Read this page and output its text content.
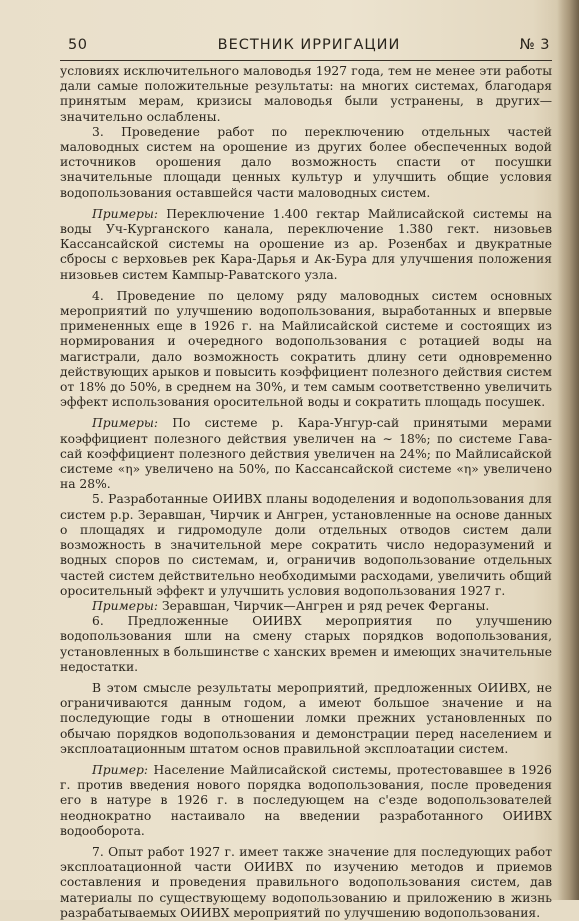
50	ВЕСТНИК ИРРИГАЦИИ	№ 3

условиях исключительного маловодья 1927 года, тем не менее эти работы дали самые положительные результаты: на многих системах, благодаря принятым мерам, кризисы маловодья были устранены, в других—значительно ослаблены.

3. Проведение работ по переключению отдельных частей маловодных систем на орошение из других более обеспеченных водой источников орошения дало возможность спасти от посушки значительные площади ценных культур и улучшить общие условия водопользования оставшейся части маловодных систем.

Примеры: Переключение 1.400 гектар Майлисайской системы на воды Уч-Курганского канала, переключение 1.380 гект. низовьев Кассансайской системы на орошение из ар. Розенбах и двукратные сбросы с верховьев рек Кара-Дарья и Ак-Бура для улучшения положения низовьев систем Кампыр-Раватского узла.

4. Проведение по целому ряду маловодных систем основных мероприятий по улучшению водопользования, выработанных и впервые примененных еще в 1926 г. на Майлисайской системе и состоящих из нормирования и очередного водопользования с ротацией воды на магистрали, дало возможность сократить длину сети одновременно действующих арыков и повысить коэффициент полезного действия систем от 18% до 50%, в среднем на 30%, и тем самым соответственно увеличить эффект использования оросительной воды и сократить площадь посушек.

Примеры: По системе р. Кара-Унгур-сай принятыми мерами коэффициент полезного действия увеличен на ∼ 18%; по системе Гава-сай коэффициент полезного действия увеличен на 24%; по Майлисайской системе «η» увеличено на 50%, по Кассансайской системе «η» увеличено на 28%.

5. Разработанные ОИИВХ планы вододеления и водопользования для систем р.р. Зеравшан, Чирчик и Ангрен, установленные на основе данных о площадях и гидромодуле доли отдельных отводов систем дали возможность в значительной мере сократить число недоразумений и водных споров по системам, и, ограничив водопользование отдельных частей систем действительно необходимыми расходами, увеличить общий оросительный эффект и улучшить условия водопользования 1927 г.

Примеры: Зеравшан, Чирчик—Ангрен и ряд речек Ферганы.

6. Предложенные ОИИВХ мероприятия по улучшению водопользования шли на смену старых порядков водопользования, установленных в большинстве с ханских времен и имеющих значительные недостатки.

В этом смысле результаты мероприятий, предложенных ОИИВХ, не ограничиваются данным годом, а имеют большое значение и на последующие годы в отношении ломки прежних установленных по обычаю порядков водопользования и демонстрации перед населением и эксплоатационным штатом основ правильной эксплоатации систем.

Пример: Население Майлисайской системы, протестовавшее в 1926 г. против введения нового порядка водопользования, после проведения его в натуре в 1926 г. в последующем на с'езде водопользователей неоднократно настаивало на введении разработанного ОИИВХ водооборота.

7. Опыт работ 1927 г. имеет также значение для последующих работ эксплоатационной части ОИИВХ по изучению методов и приемов составления и проведения правильного водопользования систем, дав материалы по существующему водопользованию и приложению в жизнь разрабатываемых ОИИВХ мероприятий по улучшению водопользования.
